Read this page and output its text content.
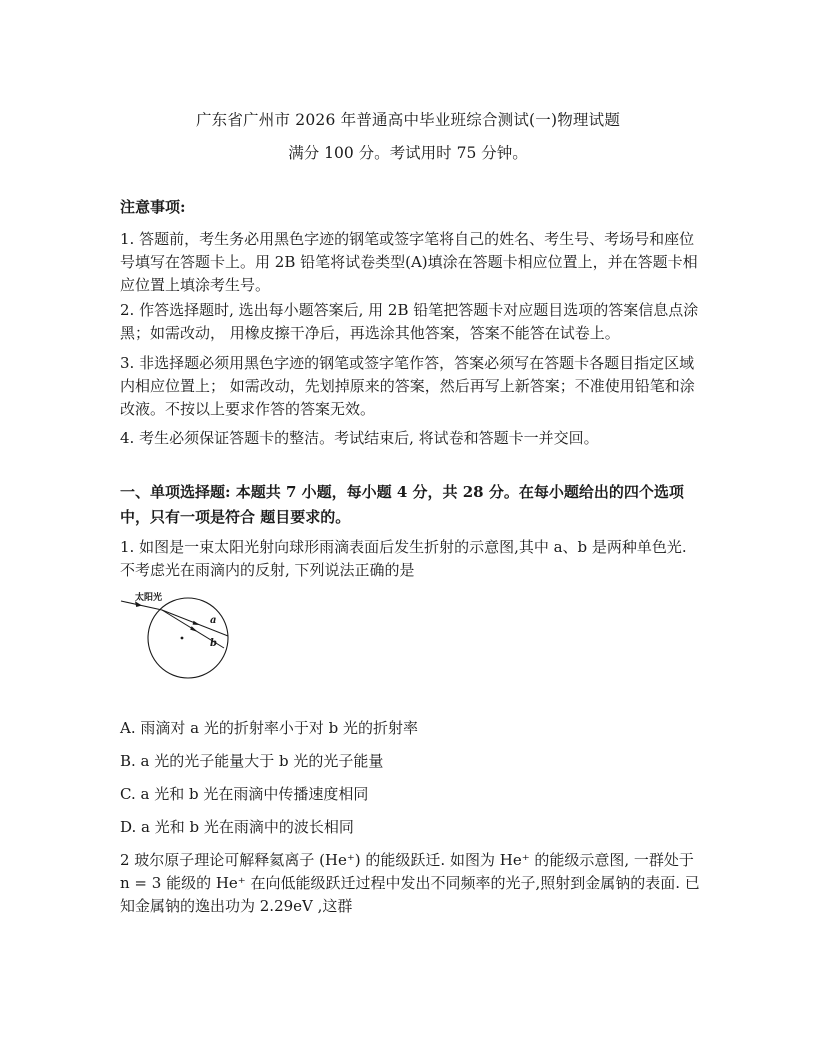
广东省广州市 2026 年普通高中毕业班综合测试(一)物理试题
满分 100 分。考试用时 75 分钟。
注意事项:
1. 答题前，考生务必用黑色字迹的钢笔或签字笔将自己的姓名、考生号、考场号和座位号填写在答题卡上。用 2B 铅笔将试卷类型(A)填涂在答题卡相应位置上，并在答题卡相应位置上填涂考生号。
2. 作答选择题时, 选出每小题答案后, 用 2B 铅笔把答题卡对应题目选项的答案信息点涂黑；如需改动， 用橡皮擦干净后，再选涂其他答案，答案不能答在试卷上。
3. 非选择题必须用黑色字迹的钢笔或签字笔作答，答案必须写在答题卡各题目指定区域内相应位置上； 如需改动，先划掉原来的答案，然后再写上新答案；不准使用铅笔和涂改液。不按以上要求作答的答案无效。
4. 考生必须保证答题卡的整洁。考试结束后, 将试卷和答题卡一并交回。
一、单项选择题: 本题共 7 小题，每小题 4 分，共 28 分。在每小题给出的四个选项中，只有一项是符合 题目要求的。
1. 如图是一束太阳光射向球形雨滴表面后发生折射的示意图,其中 a、b 是两种单色光. 不考虑光在雨滴内的反射, 下列说法正确的是
太阳光
a
b
A. 雨滴对 a 光的折射率小于对 b 光的折射率
B. a 光的光子能量大于 b 光的光子能量
C. a 光和 b 光在雨滴中传播速度相同
D. a 光和 b 光在雨滴中的波长相同
2 玻尔原子理论可解释氦离子 (He⁺) 的能级跃迁. 如图为 He⁺ 的能级示意图, 一群处于 n = 3 能级的 He⁺ 在向低能级跃迁过程中发出不同频率的光子,照射到金属钠的表面. 已知金属钠的逸出功为 2.29eV ,这群
